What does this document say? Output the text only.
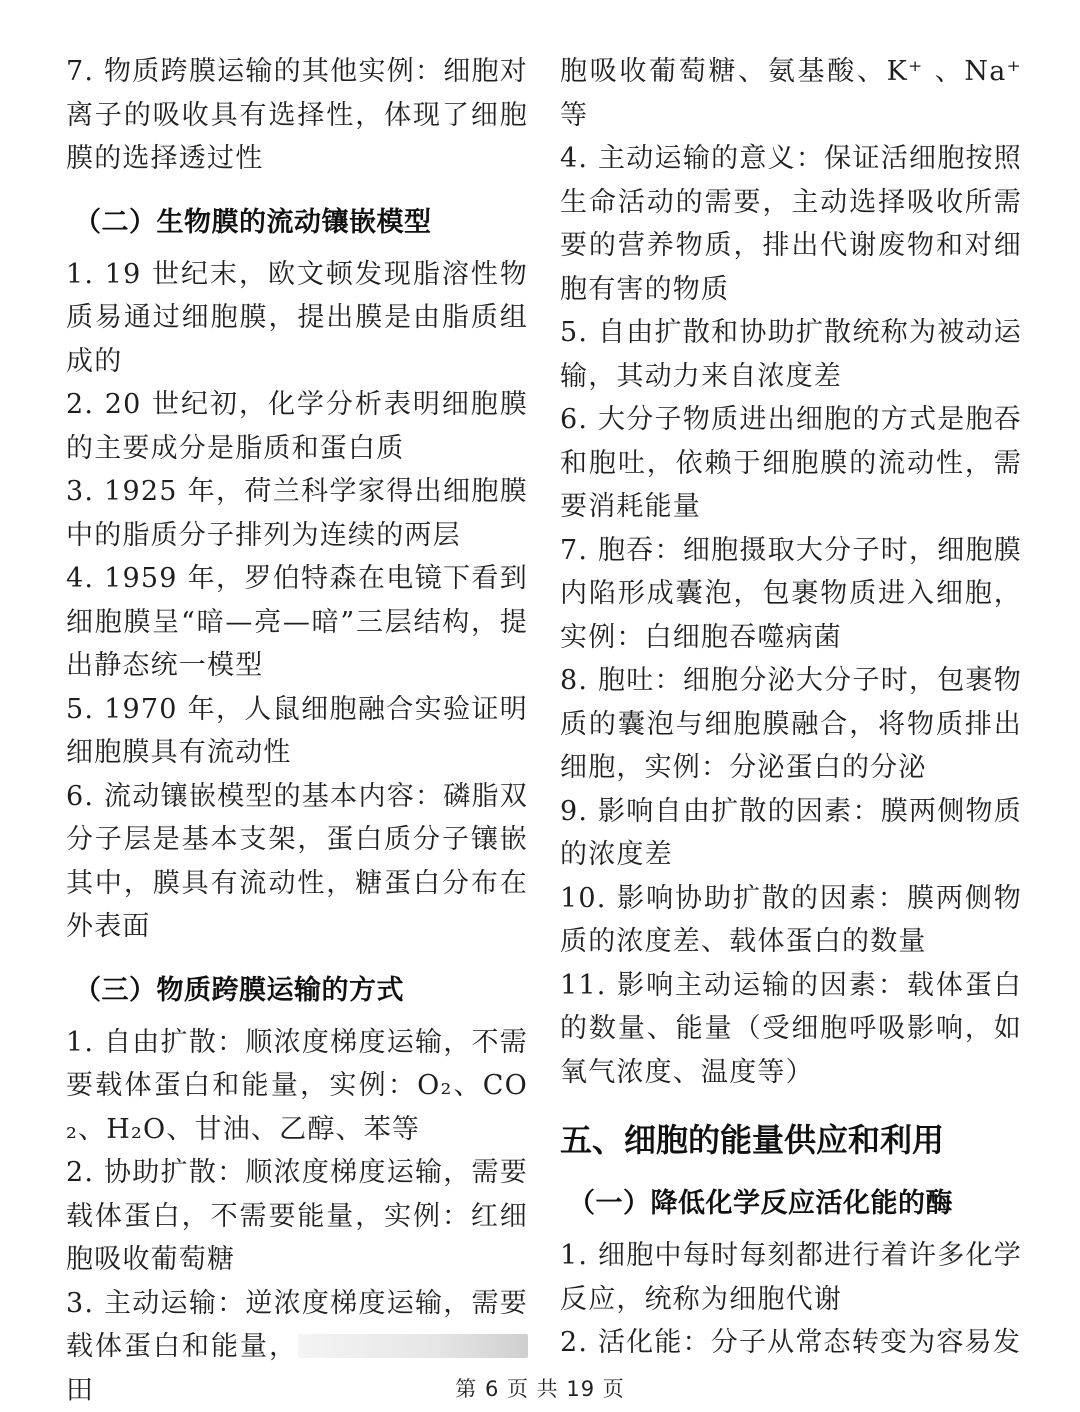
7. 物质跨膜运输的其他实例：细胞对离子的吸收具有选择性，体现了细胞膜的选择透过性

（二）生物膜的流动镶嵌模型

1. 19 世纪末，欧文顿发现脂溶性物质易通过细胞膜，提出膜是由脂质组成的

2. 20 世纪初，化学分析表明细胞膜的主要成分是脂质和蛋白质

3. 1925 年，荷兰科学家得出细胞膜中的脂质分子排列为连续的两层

4. 1959 年，罗伯特森在电镜下看到细胞膜呈“暗—亮—暗”三层结构，提出静态统一模型

5. 1970 年，人鼠细胞融合实验证明细胞膜具有流动性

6. 流动镶嵌模型的基本内容：磷脂双分子层是基本支架，蛋白质分子镶嵌其中，膜具有流动性，糖蛋白分布在外表面

（三）物质跨膜运输的方式

1. 自由扩散：顺浓度梯度运输，不需要载体蛋白和能量，实例：O₂、CO₂、H₂O、甘油、乙醇、苯等

2. 协助扩散：顺浓度梯度运输，需要载体蛋白，不需要能量，实例：红细胞吸收葡萄糖

3. 主动运输：逆浓度梯度运输，需要载体蛋白和能量，田

胞吸收葡萄糖、氨基酸、K⁺ 、Na⁺ 等

4. 主动运输的意义：保证活细胞按照生命活动的需要，主动选择吸收所需要的营养物质，排出代谢废物和对细胞有害的物质

5. 自由扩散和协助扩散统称为被动运输，其动力来自浓度差

6. 大分子物质进出细胞的方式是胞吞和胞吐，依赖于细胞膜的流动性，需要消耗能量

7. 胞吞：细胞摄取大分子时，细胞膜内陷形成囊泡，包裹物质进入细胞，实例：白细胞吞噬病菌

8. 胞吐：细胞分泌大分子时，包裹物质的囊泡与细胞膜融合，将物质排出细胞，实例：分泌蛋白的分泌

9. 影响自由扩散的因素：膜两侧物质的浓度差

10. 影响协助扩散的因素：膜两侧物质的浓度差、载体蛋白的数量

11. 影响主动运输的因素：载体蛋白的数量、能量（受细胞呼吸影响，如氧气浓度、温度等）

五、细胞的能量供应和利用
（一）降低化学反应活化能的酶

1. 细胞中每时每刻都进行着许多化学反应，统称为细胞代谢

2. 活化能：分子从常态转变为容易发

第 6 页 共 19 页
